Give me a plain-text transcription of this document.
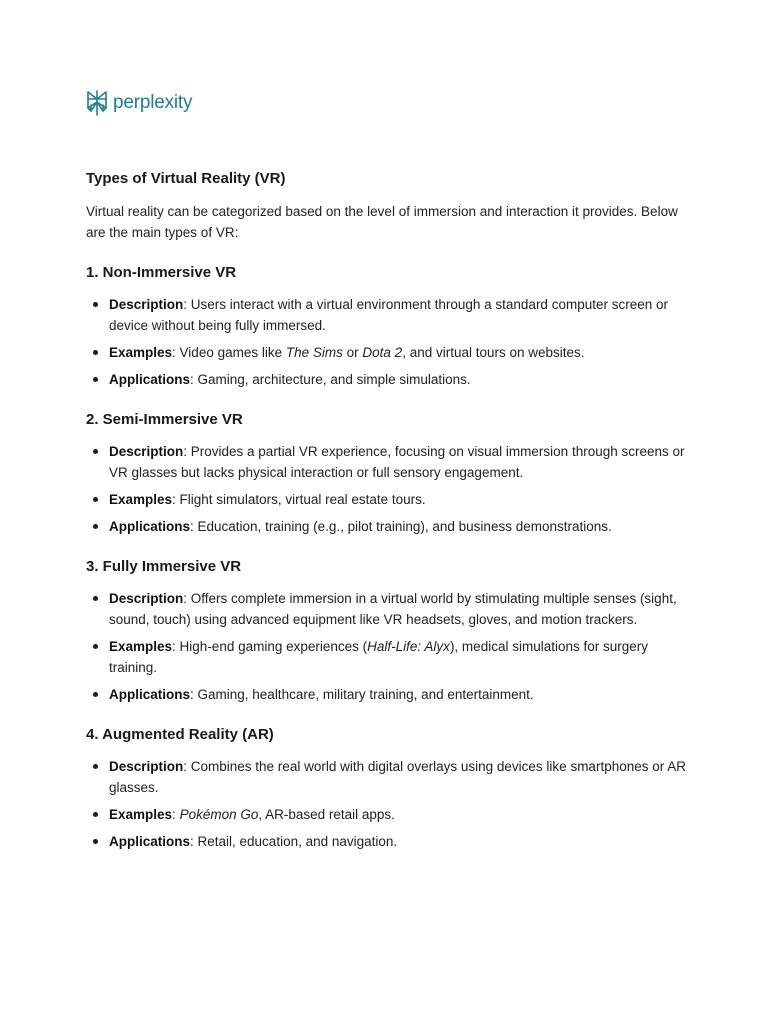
perplexity
Types of Virtual Reality (VR)

Virtual reality can be categorized based on the level of immersion and interaction it provides. Below are the main types of VR:

1. Non-Immersive VR
Description: Users interact with a virtual environment through a standard computer screen or device without being fully immersed.
Examples: Video games like The Sims or Dota 2, and virtual tours on websites.
Applications: Gaming, architecture, and simple simulations.
2. Semi-Immersive VR
Description: Provides a partial VR experience, focusing on visual immersion through screens or VR glasses but lacks physical interaction or full sensory engagement.
Examples: Flight simulators, virtual real estate tours.
Applications: Education, training (e.g., pilot training), and business demonstrations.
3. Fully Immersive VR
Description: Offers complete immersion in a virtual world by stimulating multiple senses (sight, sound, touch) using advanced equipment like VR headsets, gloves, and motion trackers.
Examples: High-end gaming experiences (Half-Life: Alyx), medical simulations for surgery training.
Applications: Gaming, healthcare, military training, and entertainment.
4. Augmented Reality (AR)
Description: Combines the real world with digital overlays using devices like smartphones or AR glasses.
Examples: Pokémon Go, AR-based retail apps.
Applications: Retail, education, and navigation.
